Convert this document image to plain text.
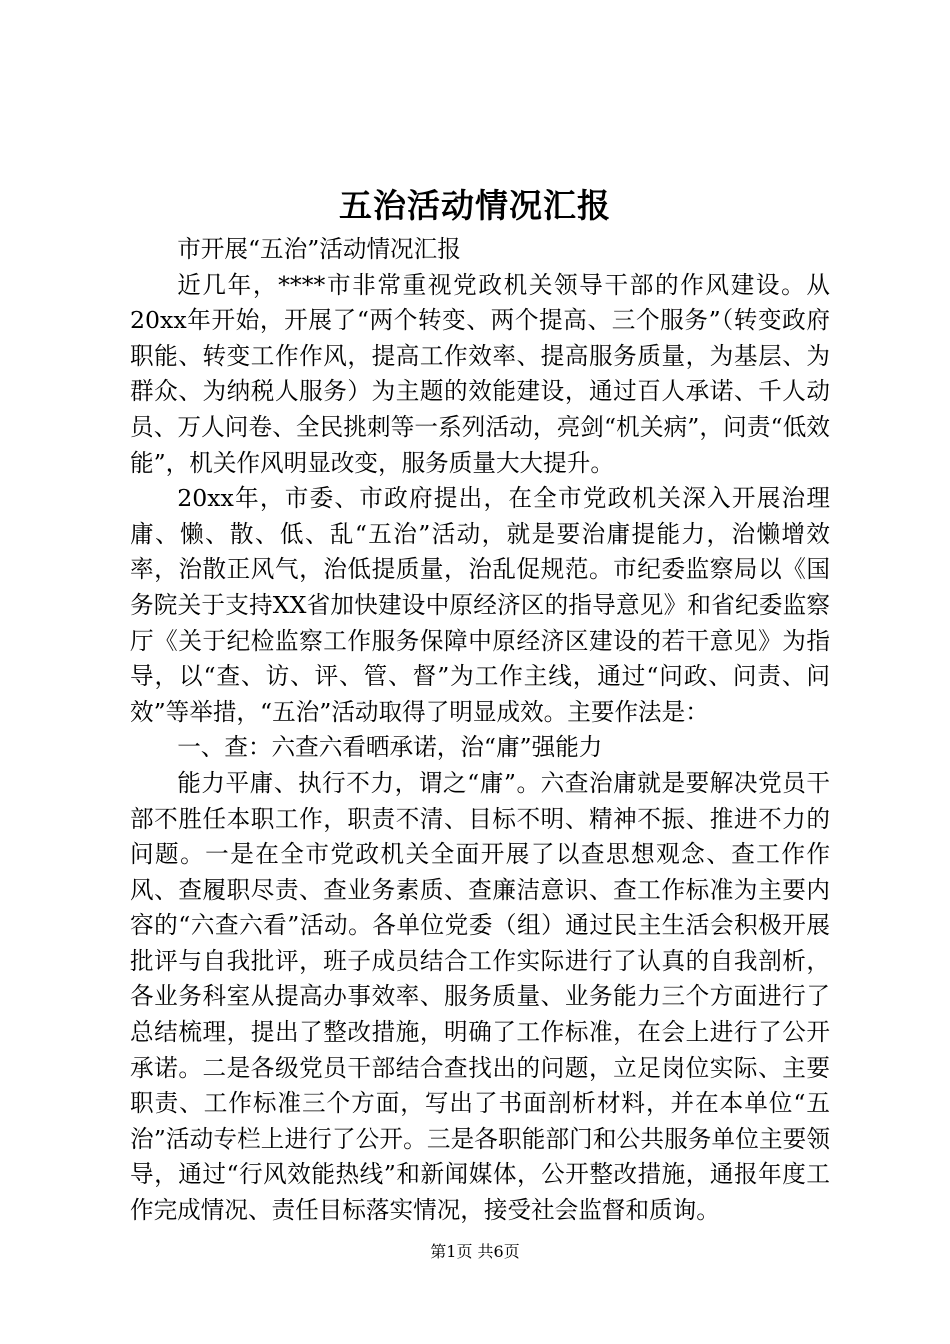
五治活动情况汇报

市开展“五治”活动情况汇报

近几年，****市非常重视党政机关领导干部的作风建设。从20xx年开始，开展了“两个转变、两个提高、三个服务”（转变政府职能、转变工作作风，提高工作效率、提高服务质量，为基层、为群众、为纳税人服务）为主题的效能建设，通过百人承诺、千人动员、万人问卷、全民挑刺等一系列活动，亮剑“机关病”，问责“低效能”，机关作风明显改变，服务质量大大提升。

20xx年，市委、市政府提出，在全市党政机关深入开展治理庸、懒、散、低、乱“五治”活动，就是要治庸提能力，治懒增效率，治散正风气，治低提质量，治乱促规范。市纪委监察局以《国务院关于支持XX省加快建设中原经济区的指导意见》和省纪委监察厅《关于纪检监察工作服务保障中原经济区建设的若干意见》为指导，以“查、访、评、管、督”为工作主线，通过“问政、问责、问效”等举措，“五治”活动取得了明显成效。主要作法是：

一、查：六查六看晒承诺，治“庸”强能力

能力平庸、执行不力，谓之“庸”。六查治庸就是要解决党员干部不胜任本职工作，职责不清、目标不明、精神不振、推进不力的问题。一是在全市党政机关全面开展了以查思想观念、查工作作风、查履职尽责、查业务素质、查廉洁意识、查工作标准为主要内容的“六查六看”活动。各单位党委（组）通过民主生活会积极开展批评与自我批评，班子成员结合工作实际进行了认真的自我剖析，各业务科室从提高办事效率、服务质量、业务能力三个方面进行了总结梳理，提出了整改措施，明确了工作标准，在会上进行了公开承诺。二是各级党员干部结合查找出的问题，立足岗位实际、主要职责、工作标准三个方面，写出了书面剖析材料，并在本单位“五治”活动专栏上进行了公开。三是各职能部门和公共服务单位主要领导，通过“行风效能热线”和新闻媒体，公开整改措施，通报年度工作完成情况、责任目标落实情况，接受社会监督和质询。

第1页 共6页
